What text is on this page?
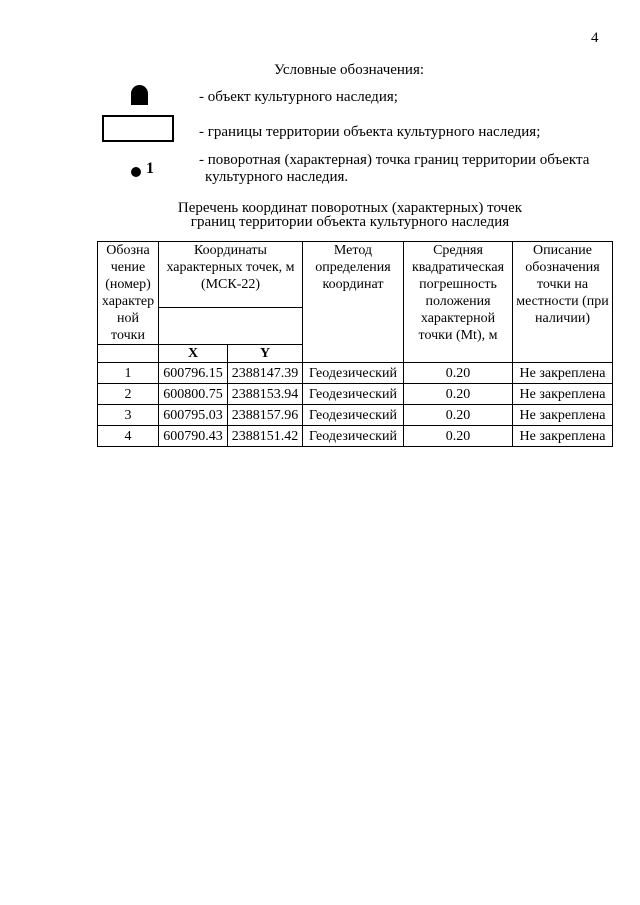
4
Условные обозначения:
- объект культурного наследия;
- границы территории объекта культурного наследия;
1	- поворотная (характерная) точка границ территории объекта
культурного наследия.
Перечень координат поворотных (характерных) точек
границ территории объекта культурного наследия
Обозна чение (номер) характер ной точки	Координаты характерных точек, м (МСК-22)		Метод определения координат	Средняя квадратическая погрешность положения характерной точки (Mt), м	Описание обозначения точки на местности (при наличии)

	X	Y			
1	600796.15	2388147.39	Геодезический	0.20	Не закреплена
2	600800.75	2388153.94	Геодезический	0.20	Не закреплена
3	600795.03	2388157.96	Геодезический	0.20	Не закреплена
4	600790.43	2388151.42	Геодезический	0.20	Не закреплена
